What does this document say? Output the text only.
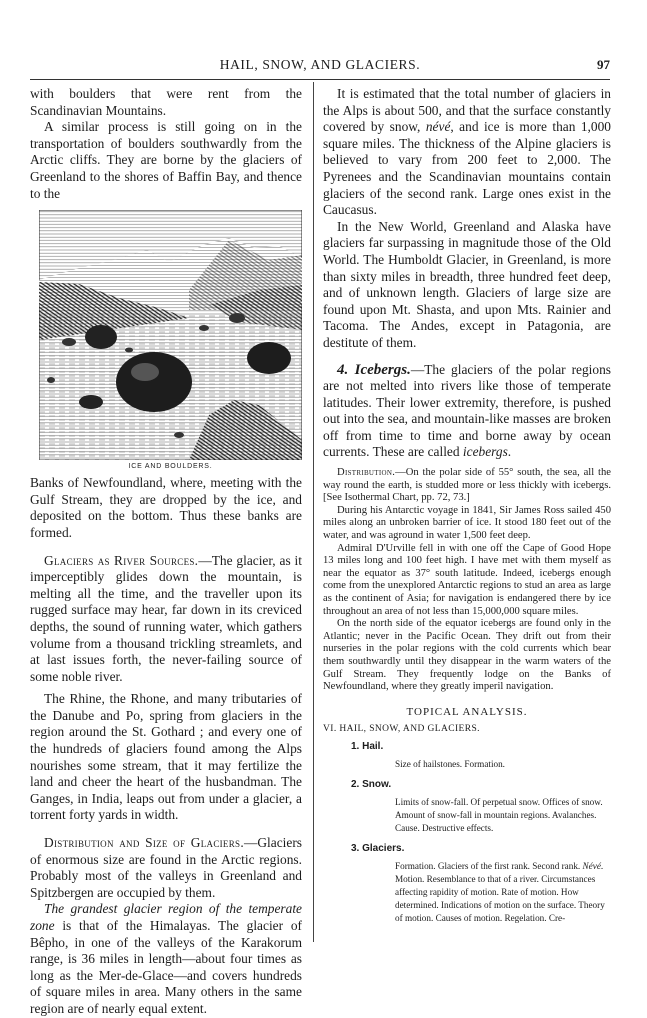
HAIL, SNOW, AND GLACIERS.	97

with boulders that were rent from the Scandinavian Mountains.

A similar process is still going on in the transportation of boulders southwardly from the Arctic cliffs. They are borne by the glaciers of Greenland to the shores of Baffin Bay, and thence to the

ICE AND BOULDERS.

Banks of Newfoundland, where, meeting with the Gulf Stream, they are dropped by the ice, and deposited on the bottom. Thus these banks are formed.

Glaciers as River Sources.—The glacier, as it imperceptibly glides down the mountain, is melting all the time, and the traveller upon its rugged surface may hear, far down in its creviced depths, the sound of running water, which gathers volume from a thousand trickling streamlets, and at last issues forth, the never-failing source of some noble river.

The Rhine, the Rhone, and many tributaries of the Danube and Po, spring from glaciers in the region around the St. Gothard ; and every one of the hundreds of glaciers found among the Alps nourishes some stream, that it may fertilize the land and cheer the heart of the husbandman. The Ganges, in India, leaps out from under a glacier, a torrent forty yards in width.

Distribution and Size of Glaciers.—Glaciers of enormous size are found in the Arctic regions. Probably most of the valleys in Greenland and Spitzbergen are occupied by them.

The grandest glacier region of the temperate zone is that of the Himalayas. The glacier of Bêpho, in one of the valleys of the Karakorum range, is 36 miles in length—about four times as long as the Mer-de-Glace—and covers hundreds of square miles in area. Many others in the same region are of nearly equal extent.

It is estimated that the total number of glaciers in the Alps is about 500, and that the surface constantly covered by snow, névé, and ice is more than 1,000 square miles. The thickness of the Alpine glaciers is believed to vary from 200 feet to 2,000. The Pyrenees and the Scandinavian mountains contain glaciers of the second rank. Large ones exist in the Caucasus.

In the New World, Greenland and Alaska have glaciers far surpassing in magnitude those of the Old World. The Humboldt Glacier, in Greenland, is more than sixty miles in breadth, three hundred feet deep, and of unknown length. Glaciers of large size are found upon Mt. Shasta, and upon Mts. Rainier and Tacoma. The Andes, except in Patagonia, are destitute of them.

4. Icebergs.—The glaciers of the polar regions are not melted into rivers like those of temperate latitudes. Their lower extremity, therefore, is pushed out into the sea, and mountain-like masses are broken off from time to time and borne away by ocean currents. These are called icebergs.

Distribution.—On the polar side of 55° south, the sea, all the way round the earth, is studded more or less thickly with icebergs. [See Isothermal Chart, pp. 72, 73.]

During his Antarctic voyage in 1841, Sir James Ross sailed 450 miles along an unbroken barrier of ice. It stood 180 feet out of the water, and was aground in water 1,500 feet deep.

Admiral D'Urville fell in with one off the Cape of Good Hope 13 miles long and 100 feet high. I have met with them myself as near the equator as 37° south latitude. Indeed, icebergs enough come from the unexplored Antarctic regions to stud an area as large as the continent of Asia; for navigation is endangered there by ice throughout an area of not less than 15,000,000 square miles.

On the north side of the equator icebergs are found only in the Atlantic; never in the Pacific Ocean. They drift out from their nurseries in the polar regions with the cold currents which bear them southwardly until they disappear in the warm waters of the Gulf Stream. They frequently lodge on the Banks of Newfoundland, where they greatly imperil navigation.

TOPICAL ANALYSIS.
VI. HAIL, SNOW, AND GLACIERS.
1. Hail.
Size of hailstones. Formation.
2. Snow.
Limits of snow-fall. Of perpetual snow. Offices of snow. Amount of snow-fall in mountain regions. Avalanches. Cause. Destructive effects.
3. Glaciers.
Formation. Glaciers of the first rank. Second rank. Névé. Motion. Resemblance to that of a river. Circumstances affecting rapidity of motion. Rate of motion. How determined. Indications of motion on the surface. Theory of motion. Causes of motion. Regelation. Cre-
